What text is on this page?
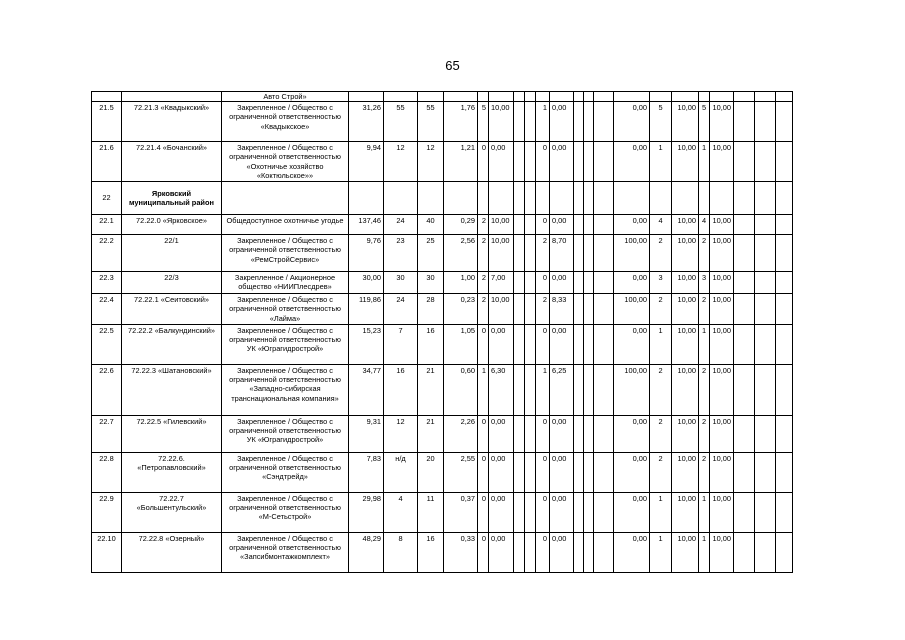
65
		Авто Строй»																					
21.5	72.21.3 «Квадыкский»	Закрепленное / Общество с ограниченной ответственностью «Квадыкское»	31,26	55	55	1,76	5	10,00			1	0,00				0,00	5	10,00	5	10,00			
21.6	72.21.4 «Бочанский»	Закрепленное / Общество с ограниченной ответственностью «Охотничье хозяйство «Коктюльское»»	9,94	12	12	1,21	0	0,00			0	0,00				0,00	1	10,00	1	10,00			
22	Ярковский муниципальный район																						
22.1	72.22.0 «Ярковское»	Общедоступное охотничье угодье	137,46	24	40	0,29	2	10,00			0	0,00				0,00	4	10,00	4	10,00			
22.2	22/1	Закрепленное / Общество с ограниченной ответственностью «РемСтройСервис»	9,76	23	25	2,56	2	10,00			2	8,70				100,00	2	10,00	2	10,00			
22.3	22/3	Закрепленное / Акционерное общество «НИИПлесдрев»	30,00	30	30	1,00	2	7,00			0	0,00				0,00	3	10,00	3	10,00			
22.4	72.22.1 «Сеитовский»	Закрепленное / Общество с ограниченной ответственностью «Лайма»	119,86	24	28	0,23	2	10,00			2	8,33				100,00	2	10,00	2	10,00			
22.5	72.22.2 «Балкундинский»	Закрепленное / Общество с ограниченной ответственностью УК «Юграгидрострой»	15,23	7	16	1,05	0	0,00			0	0,00				0,00	1	10,00	1	10,00			
22.6	72.22.3 «Шатановский»	Закрепленное / Общество с ограниченной ответственностью «Западно-сибирская транснациональная компания»	34,77	16	21	0,60	1	6,30			1	6,25				100,00	2	10,00	2	10,00			
22.7	72.22.5 «Гилевский»	Закрепленное / Общество с ограниченной ответственностью УК «Юграгидрострой»	9,31	12	21	2,26	0	0,00			0	0,00				0,00	2	10,00	2	10,00			
22.8	72.22.6. «Петропавловский»	Закрепленное / Общество с ограниченной ответственностью «Сэндтрейд»	7,83	н/д	20	2,55	0	0,00			0	0,00				0,00	2	10,00	2	10,00			
22.9	72.22.7 «Большентульский»	Закрепленное / Общество с ограниченной ответственностью «М-Сетьстрой»	29,98	4	11	0,37	0	0,00			0	0,00				0,00	1	10,00	1	10,00			
22.10	72.22.8 «Озерный»	Закрепленное / Общество с ограниченной ответственностью «Запсибмонтажкомплект»	48,29	8	16	0,33	0	0,00			0	0,00				0,00	1	10,00	1	10,00			
